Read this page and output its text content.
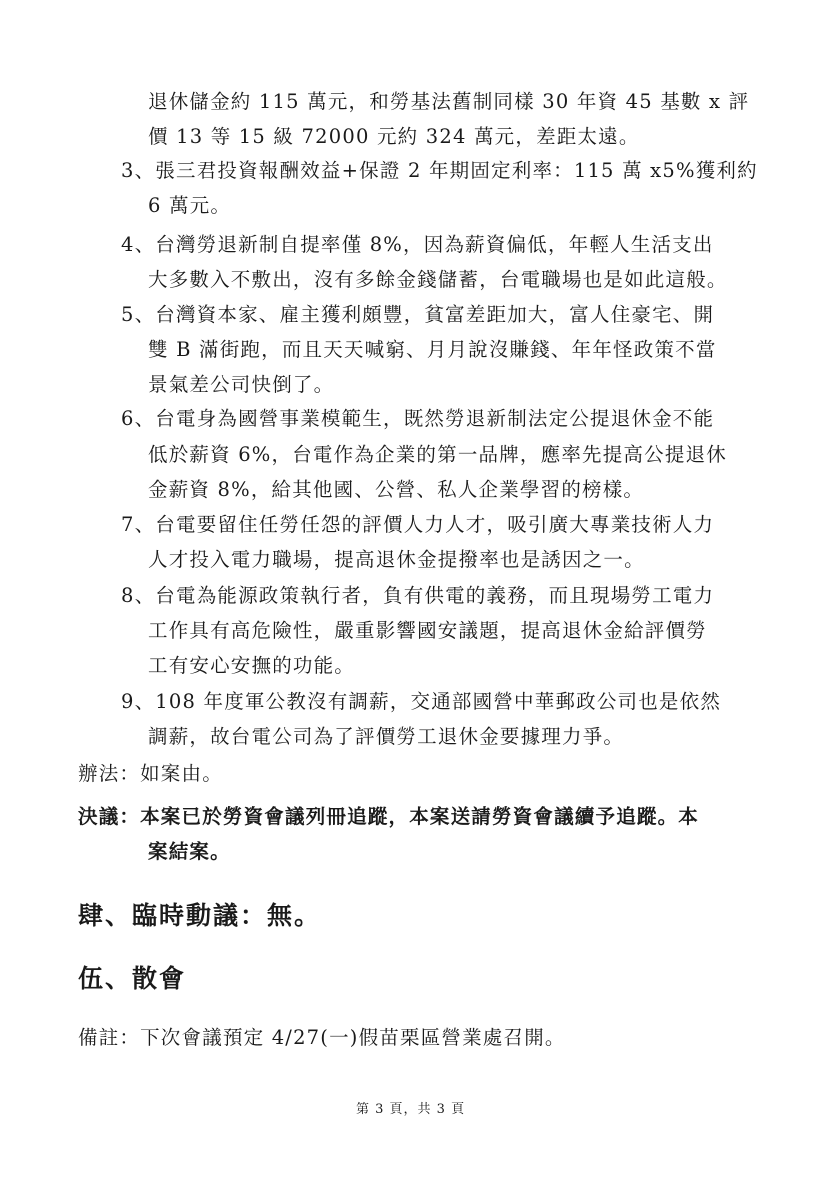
退休儲金約 115 萬元，和勞基法舊制同樣 30 年資 45 基數 x 評
價 13 等 15 級 72000 元約 324 萬元，差距太遠。
3、張三君投資報酬效益+保證 2 年期固定利率：115 萬 x5%獲利約
6 萬元。
4、台灣勞退新制自提率僅 8%，因為薪資偏低，年輕人生活支出
大多數入不敷出，沒有多餘金錢儲蓄，台電職場也是如此這般。
5、台灣資本家、雇主獲利頗豐，貧富差距加大，富人住豪宅、開
雙 B 滿街跑，而且天天喊窮、月月說沒賺錢、年年怪政策不當
景氣差公司快倒了。
6、台電身為國營事業模範生，既然勞退新制法定公提退休金不能
低於薪資 6%，台電作為企業的第一品牌，應率先提高公提退休
金薪資 8%，給其他國、公營、私人企業學習的榜樣。
7、台電要留住任勞任怨的評價人力人才，吸引廣大專業技術人力
人才投入電力職場，提高退休金提撥率也是誘因之一。
8、台電為能源政策執行者，負有供電的義務，而且現場勞工電力
工作具有高危險性，嚴重影響國安議題，提高退休金給評價勞
工有安心安撫的功能。
9、108 年度軍公教沒有調薪，交通部國營中華郵政公司也是依然
調薪，故台電公司為了評價勞工退休金要據理力爭。
辦法：如案由。
決議：本案已於勞資會議列冊追蹤，本案送請勞資會議續予追蹤。本
案結案。
肆、臨時動議：無。
伍、散會
備註：下次會議預定 4/27(一)假苗栗區營業處召開。
第 3 頁，共 3 頁
